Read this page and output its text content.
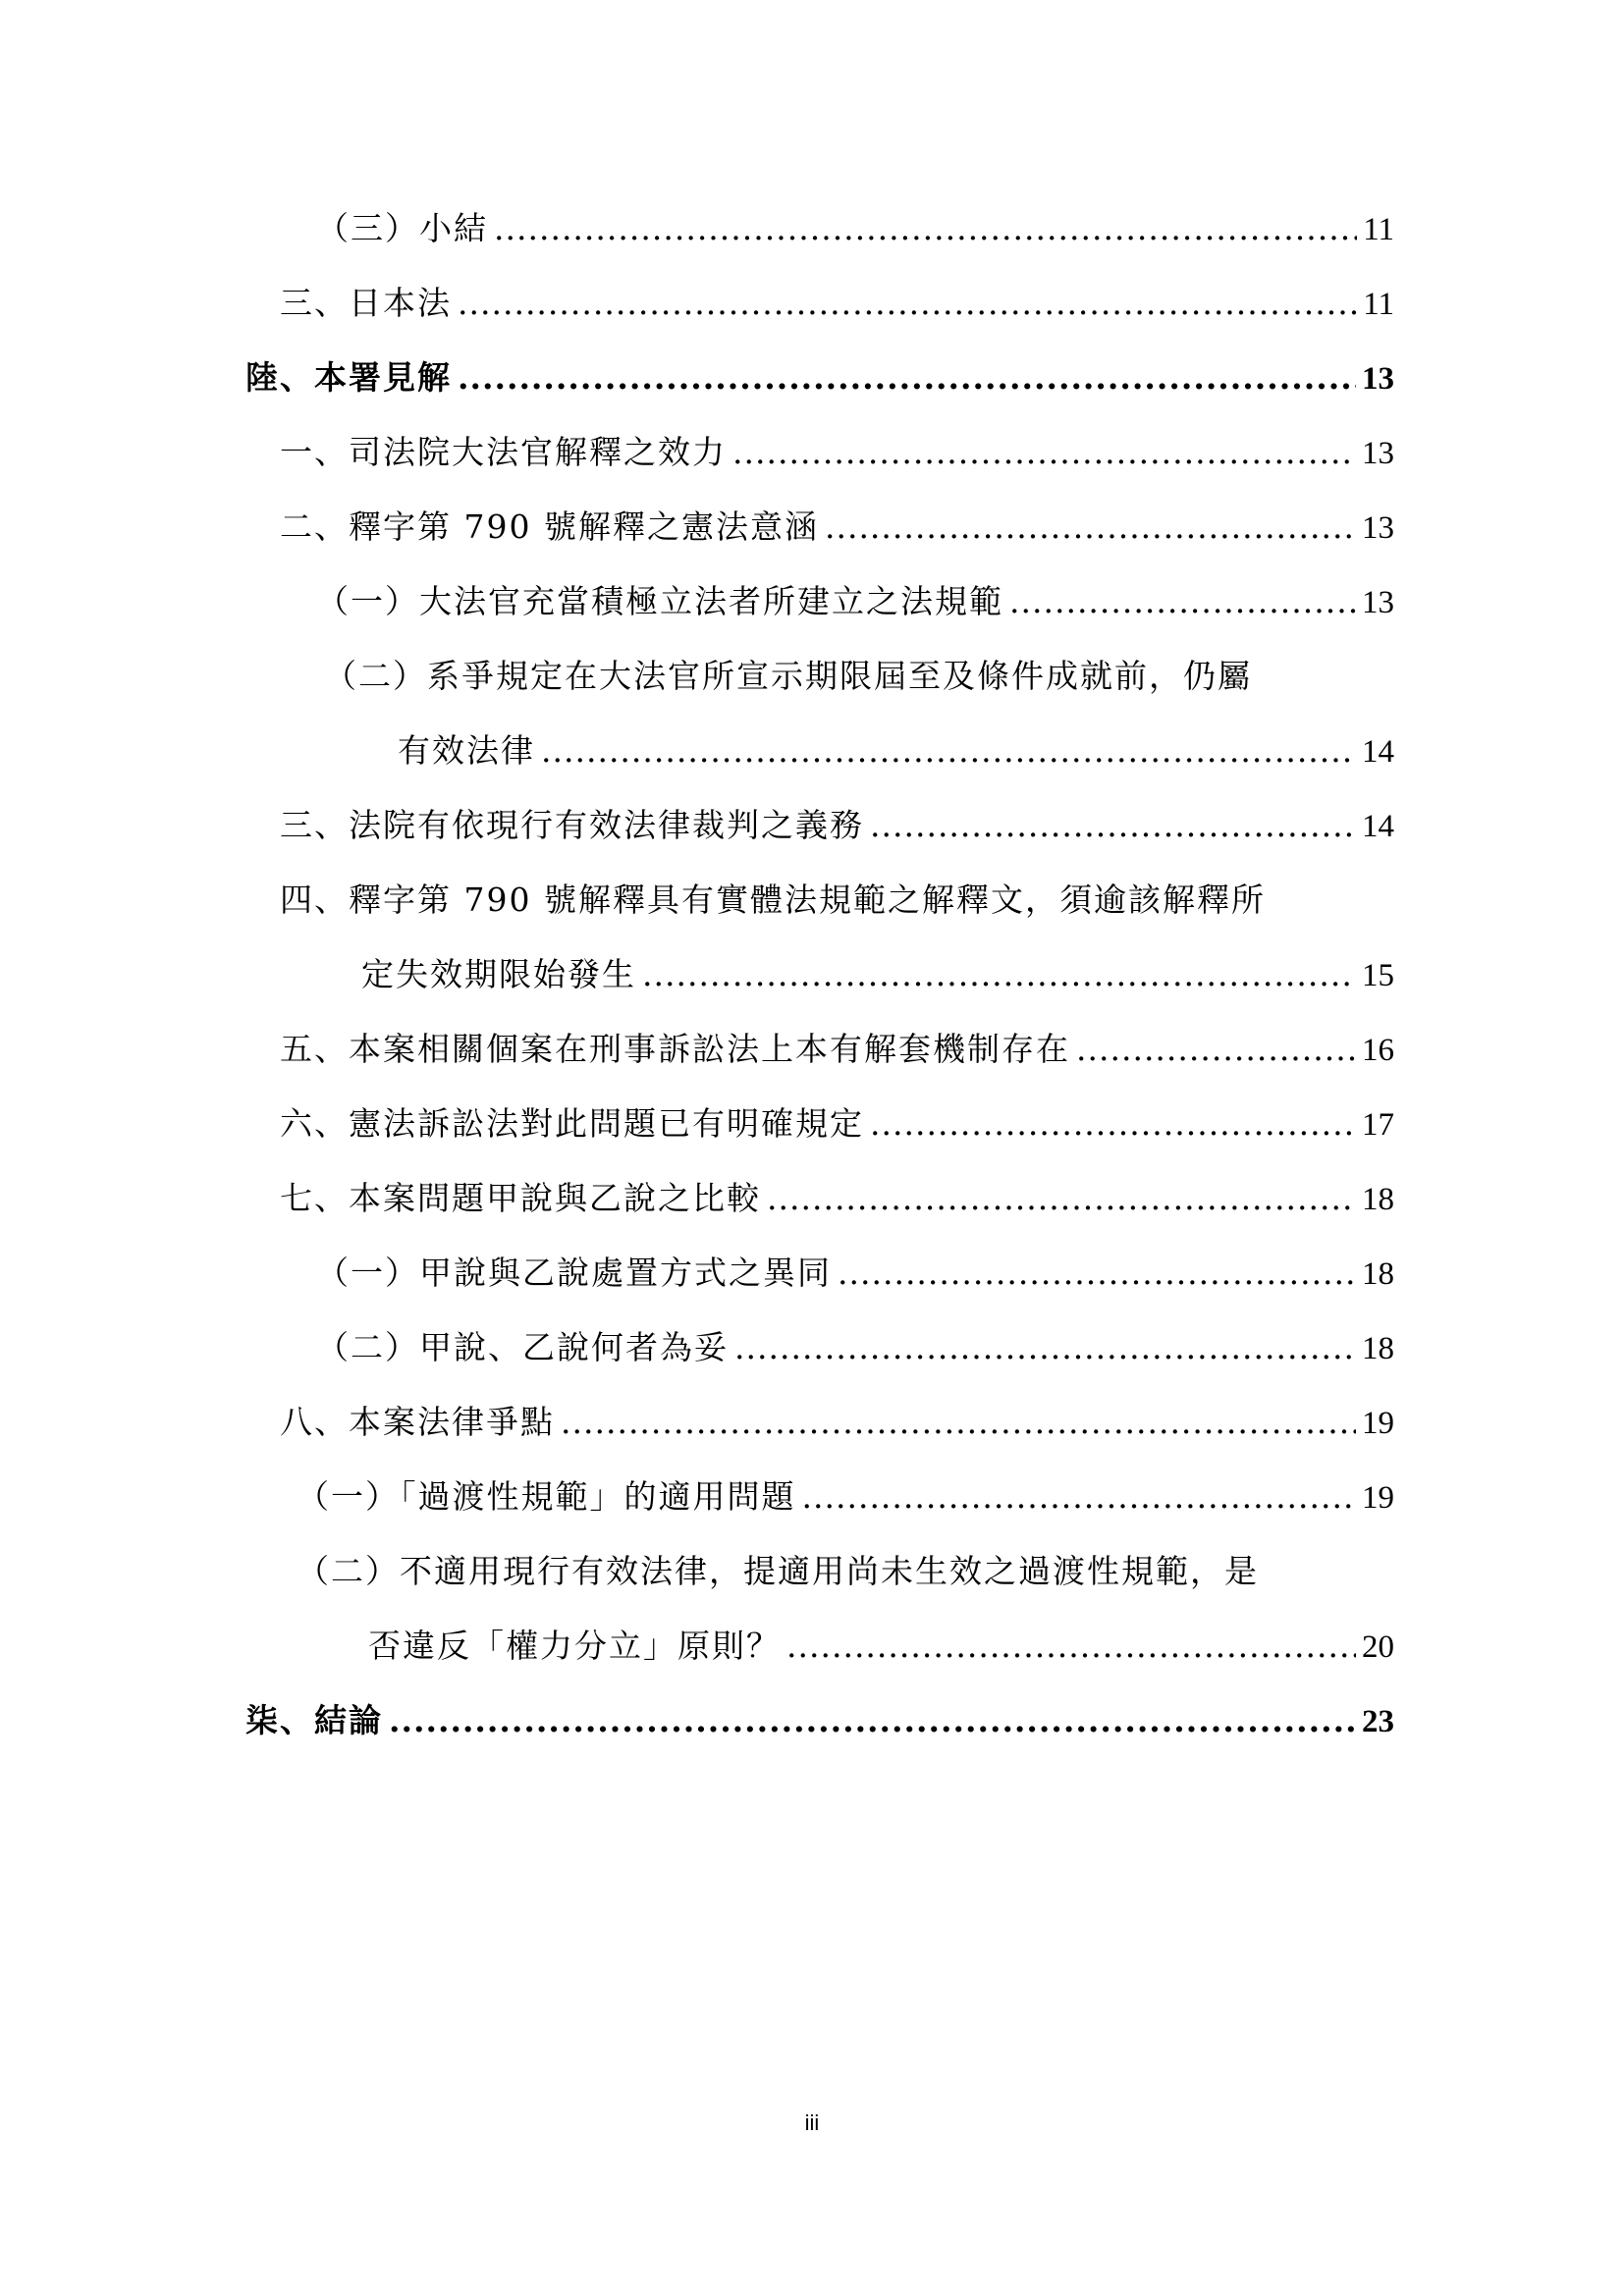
（三）小結 .....	11
三、日本法 .....	11
陸、本署見解 .....	13
一、司法院大法官解釋之效力 .....	13
二、釋字第 790 號解釋之憲法意涵 .....	13
（一）大法官充當積極立法者所建立之法規範 .....	13
（二）系爭規定在大法官所宣示期限屆至及條件成就前，仍屬
有效法律 .....	14
三、法院有依現行有效法律裁判之義務 .....	14
四、釋字第 790 號解釋具有實體法規範之解釋文，須逾該解釋所
定失效期限始發生 .....	15
五、本案相關個案在刑事訴訟法上本有解套機制存在 .....	16
六、憲法訴訟法對此問題已有明確規定 .....	17
七、本案問題甲說與乙說之比較 .....	18
（一）甲說與乙說處置方式之異同 .....	18
（二）甲說、乙說何者為妥 .....	18
八、本案法律爭點 .....	19
（一）「過渡性規範」的適用問題 .....	19
（二）不適用現行有效法律，提適用尚未生效之過渡性規範，是
否違反「權力分立」原則？ .....	20
柒、結論 .....	23
iii
